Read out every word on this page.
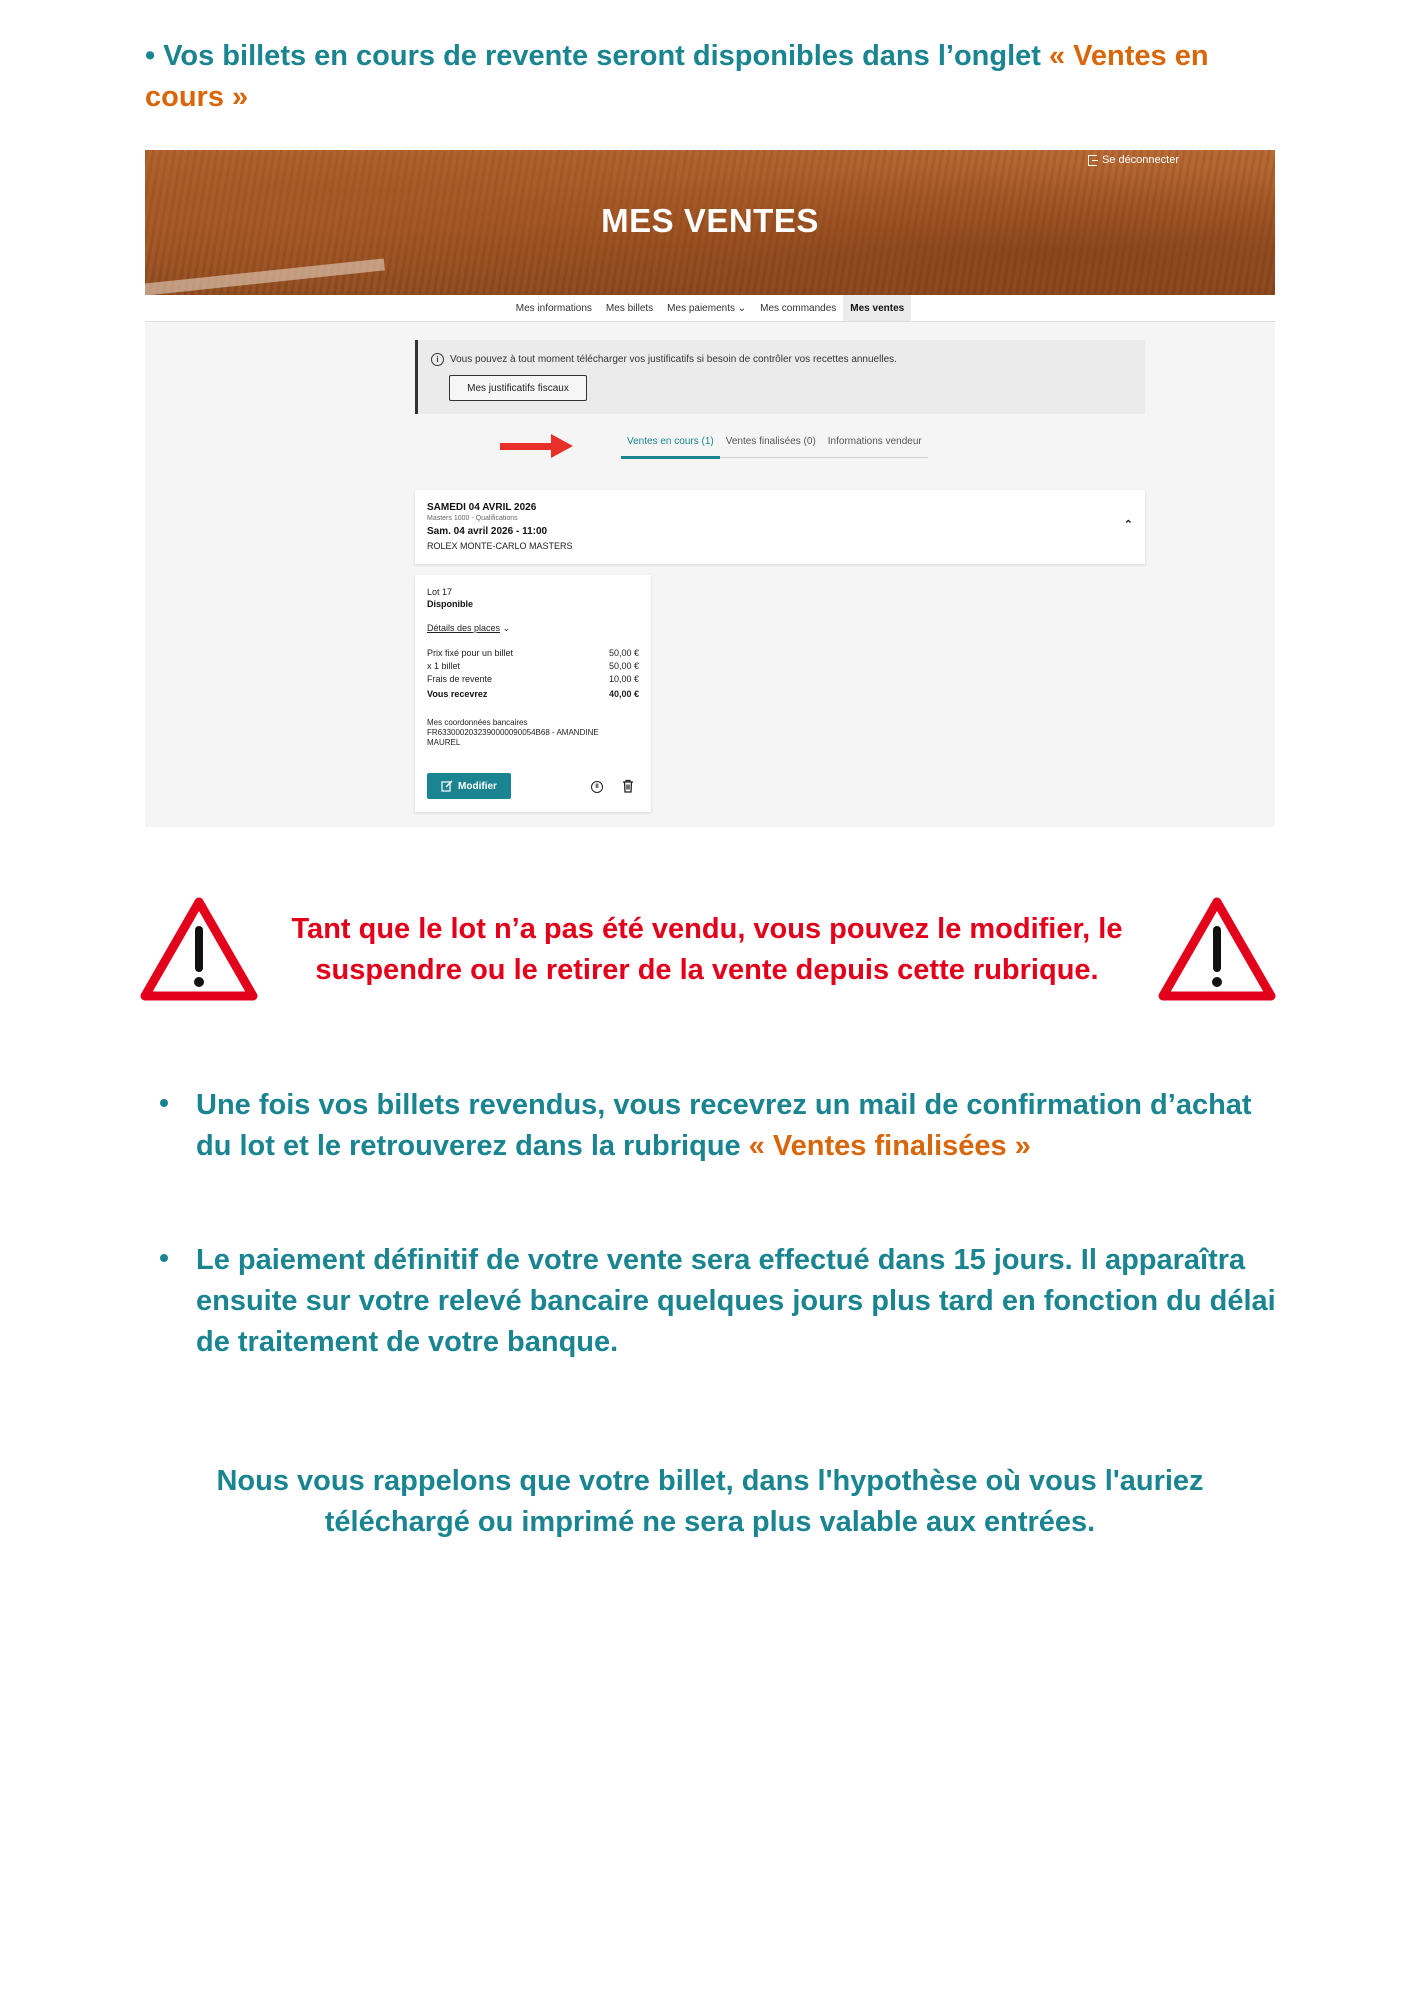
• Vos billets en cours de revente seront disponibles dans l’onglet « Ventes en cours »

Se déconnecter
MES VENTES
Mes informations	Mes billets	Mes paiements ⌄	Mes commandes	Mes ventes
i	Vous pouvez à tout moment télécharger vos justificatifs si besoin de contrôler vos recettes annuelles.
Mes justificatifs fiscaux
Ventes en cours (1)	Ventes finalisées (0)	Informations vendeur
SAMEDI 04 AVRIL 2026
Masters 1000 - Qualifications
Sam. 04 avril 2026 - 11:00
ROLEX MONTE-CARLO MASTERS
⌃
Lot 17
Disponible
Détails des places ⌄
Prix fixé pour un billet	50,00 €
x 1 billet	50,00 €
Frais de revente	10,00 €
Vous recevrez	40,00 €
Mes coordonnées bancaires
FR6330002032390000090054B68 - AMANDINE
MAUREL
Modifier	II
Tant que le lot n’a pas été vendu, vous pouvez le modifier, le
suspendre ou le retirer de la vente depuis cette rubrique.

Une fois vos billets revendus, vous recevrez un mail de confirmation d’achat du lot et le retrouverez dans la rubrique « Ventes finalisées »

Le paiement définitif de votre vente sera effectué dans 15 jours. Il apparaîtra ensuite sur votre relevé bancaire quelques jours plus tard en fonction du délai de traitement de votre banque.

Nous vous rappelons que votre billet, dans l'hypothèse où vous l'auriez
téléchargé ou imprimé ne sera plus valable aux entrées.
